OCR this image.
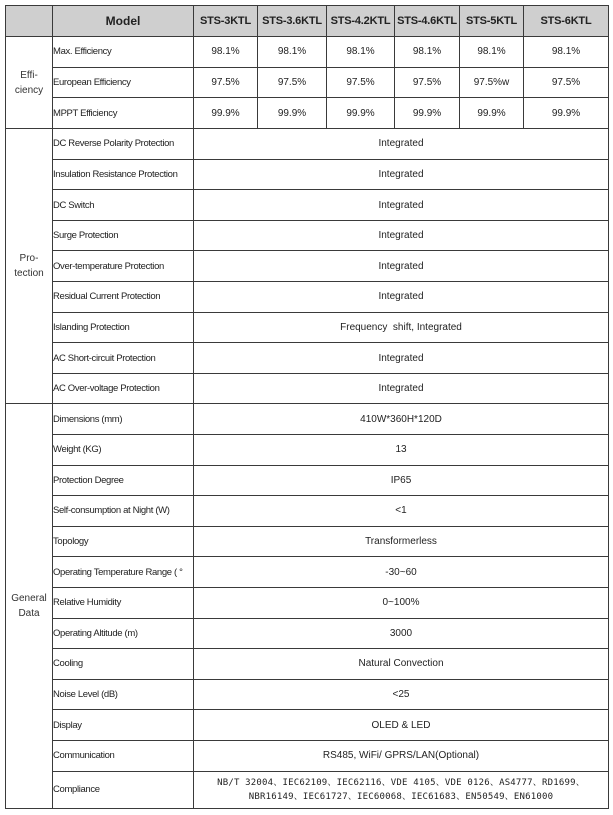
	Model	STS-3KTL	STS-3.6KTL	STS-4.2KTL	STS-4.6KTL	STS-5KTL	STS-6KTL
Effi-
ciency	Max. Efficiency	98.1%	98.1%	98.1%	98.1%	98.1%	98.1%
	European Efficiency	97.5%	97.5%	97.5%	97.5%	97.5%w	97.5%
	MPPT Efficiency	99.9%	99.9%	99.9%	99.9%	99.9%	99.9%
Pro-
tection	DC Reverse Polarity Protection	Integrated					
	Insulation Resistance Protection	Integrated					
	DC Switch	Integrated					
	Surge Protection	Integrated					
	Over-temperature Protection	Integrated					
	Residual Current Protection	Integrated					
	Islanding Protection	Frequency  shift, Integrated					
	AC Short-circuit Protection	Integrated					
	AC Over-voltage Protection	Integrated					
General
Data	Dimensions (mm)	410W*360H*120D					
	Weight (KG)	13					
	Protection Degree	IP65					
	Self-consumption at Night (W)	<1					
	Topology	Transformerless					
	Operating Temperature Range ( °	-30~60					
	Relative Humidity	0~100%					
	Operating Altitude (m)	3000					
	Cooling	Natural Convection					
	Noise Level (dB)	<25					
	Display	OLED & LED					
	Communication	RS485, WiFi/ GPRS/LAN(Optional)					
	Compliance	NB/T 32004、IEC62109、IEC62116、VDE 4105、VDE 0126、AS4777、RD1699、
NBR16149、IEC61727、IEC60068、IEC61683、EN50549、EN61000					
